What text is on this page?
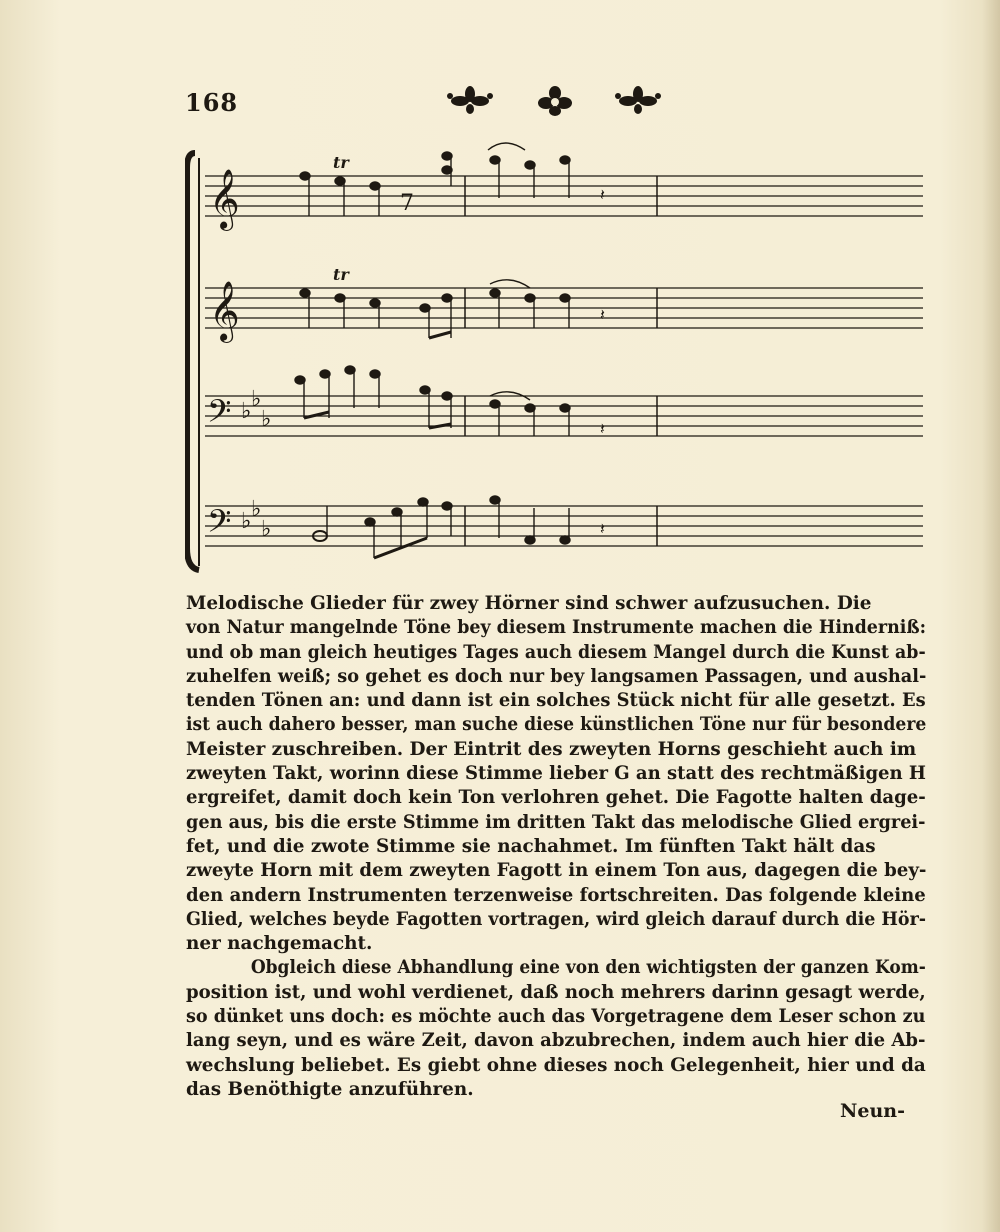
168
𝄞
𝄞
𝄢
𝄢
♭ ♭
♭
♭ ♭
♭
tr
7	𝄽
tr
𝄽
𝄽
𝄽
Melodische Glieder für zwey Hörner sind schwer aufzusuchen. Die
von Natur mangelnde Töne bey diesem Instrumente machen die Hinderniß:
und ob man gleich heutiges Tages auch diesem Mangel durch die Kunst ab-
zuhelfen weiß; so gehet es doch nur bey langsamen Passagen, und aushal-
tenden Tönen an: und dann ist ein solches Stück nicht für alle gesetzt. Es
ist auch dahero besser, man suche diese künstlichen Töne nur für besondere
Meister zuschreiben. Der Eintrit des zweyten Horns geschieht auch im
zweyten Takt, worinn diese Stimme lieber G an statt des rechtmäßigen H
ergreifet, damit doch kein Ton verlohren gehet. Die Fagotte halten dage-
gen aus, bis die erste Stimme im dritten Takt das melodische Glied ergrei-
fet, und die zwote Stimme sie nachahmet. Im fünften Takt hält das
zweyte Horn mit dem zweyten Fagott in einem Ton aus, dagegen die bey-
den andern Instrumenten terzenweise fortschreiten. Das folgende kleine
Glied, welches beyde Fagotten vortragen, wird gleich darauf durch die Hör-
ner nachgemacht.
Obgleich diese Abhandlung eine von den wichtigsten der ganzen Kom-
position ist, und wohl verdienet, daß noch mehrers darinn gesagt werde,
so dünket uns doch: es möchte auch das Vorgetragene dem Leser schon zu
lang seyn, und es wäre Zeit, davon abzubrechen, indem auch hier die Ab-
wechslung beliebet. Es giebt ohne dieses noch Gelegenheit, hier und da
das Benöthigte anzuführen.
Neun-
